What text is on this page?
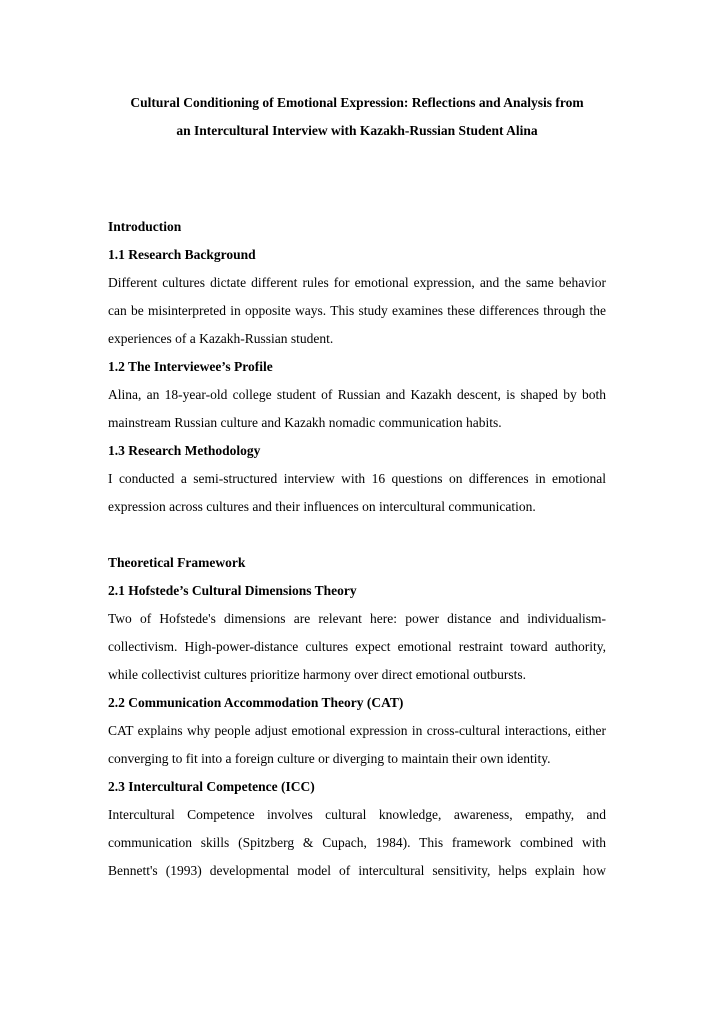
Cultural Conditioning of Emotional Expression: Reflections and Analysis from

an Intercultural Interview with Kazakh-Russian Student Alina

Introduction

1.1 Research Background

Different cultures dictate different rules for emotional expression, and the same behavior can be misinterpreted in opposite ways. This study examines these differences through the experiences of a Kazakh-Russian student.

1.2 The Interviewee’s Profile

Alina, an 18-year-old college student of Russian and Kazakh descent, is shaped by both mainstream Russian culture and Kazakh nomadic communication habits.

1.3 Research Methodology

I conducted a semi-structured interview with 16 questions on differences in emotional expression across cultures and their influences on intercultural communication.

Theoretical Framework

2.1 Hofstede’s Cultural Dimensions Theory

Two of Hofstede's dimensions are relevant here: power distance and individualism-collectivism. High-power-distance cultures expect emotional restraint toward authority, while collectivist cultures prioritize harmony over direct emotional outbursts.

2.2 Communication Accommodation Theory (CAT)

CAT explains why people adjust emotional expression in cross-cultural interactions, either converging to fit into a foreign culture or diverging to maintain their own identity.

2.3 Intercultural Competence (ICC)

Intercultural Competence involves cultural knowledge, awareness, empathy, and communication skills (Spitzberg & Cupach, 1984). This framework combined with Bennett's (1993) developmental model of intercultural sensitivity, helps explain how
